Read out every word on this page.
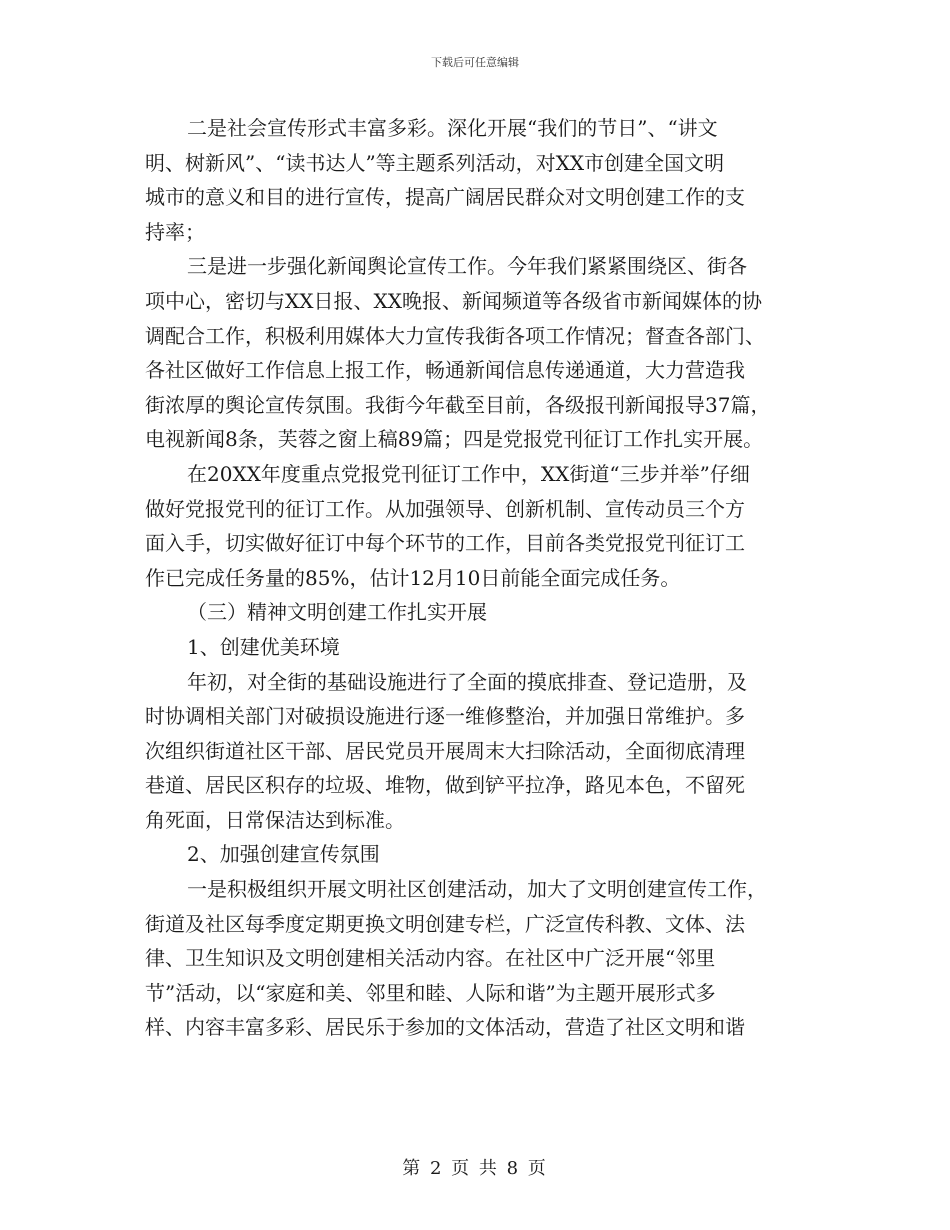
下载后可任意编辑
二是社会宣传形式丰富多彩。深化开展“我们的节日”、“讲文
明、树新风”、“读书达人”等主题系列活动，对XX市创建全国文明
城市的意义和目的进行宣传，提高广阔居民群众对文明创建工作的支
持率；
三是进一步强化新闻舆论宣传工作。今年我们紧紧围绕区、街各
项中心，密切与XX日报、XX晚报、新闻频道等各级省市新闻媒体的协
调配合工作，积极利用媒体大力宣传我街各项工作情况；督查各部门、
各社区做好工作信息上报工作，畅通新闻信息传递通道，大力营造我
街浓厚的舆论宣传氛围。我街今年截至目前，各级报刊新闻报导37篇，
电视新闻8条，芙蓉之窗上稿89篇；四是党报党刊征订工作扎实开展。
在20XX年度重点党报党刊征订工作中，XX街道“三步并举”仔细
做好党报党刊的征订工作。从加强领导、创新机制、宣传动员三个方
面入手，切实做好征订中每个环节的工作，目前各类党报党刊征订工
作已完成任务量的85%，估计12月10日前能全面完成任务。
（三）精神文明创建工作扎实开展
1、创建优美环境
年初，对全街的基础设施进行了全面的摸底排查、登记造册，及
时协调相关部门对破损设施进行逐一维修整治，并加强日常维护。多
次组织街道社区干部、居民党员开展周末大扫除活动，全面彻底清理
巷道、居民区积存的垃圾、堆物，做到铲平拉净，路见本色，不留死
角死面，日常保洁达到标准。
2、加强创建宣传氛围
一是积极组织开展文明社区创建活动，加大了文明创建宣传工作，
街道及社区每季度定期更换文明创建专栏，广泛宣传科教、文体、法
律、卫生知识及文明创建相关活动内容。在社区中广泛开展“邻里
节”活动，以“家庭和美、邻里和睦、人际和谐”为主题开展形式多
样、内容丰富多彩、居民乐于参加的文体活动，营造了社区文明和谐
第 2 页 共 8 页
